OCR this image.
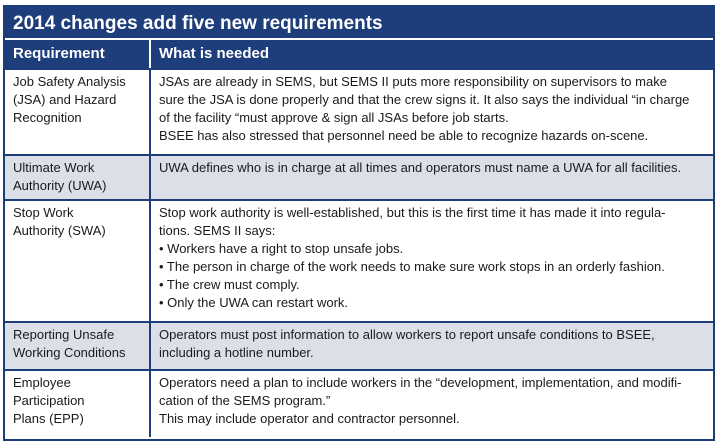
2014 changes add five new requirements
Requirement	What is needed
Job Safety Analysis
(JSA) and Hazard
Recognition
JSAs are already in SEMS, but SEMS II puts more responsibility on supervisors to make
sure the JSA is done properly and that the crew signs it. It also says the individual “in charge
of the facility “must approve & sign all JSAs before job starts.
BSEE has also stressed that personnel need be able to recognize hazards on-scene.
Ultimate Work
Authority (UWA)
UWA defines who is in charge at all times and operators must name a UWA for all facilities.
Stop Work
Authority (SWA)
Stop work authority is well-established, but this is the first time it has made it into regula-
tions. SEMS II says:
• Workers have a right to stop unsafe jobs.
• The person in charge of the work needs to make sure work stops in an orderly fashion.
• The crew must comply.
• Only the UWA can restart work.
Reporting Unsafe
Working Conditions
Operators must post information to allow workers to report unsafe conditions to BSEE,
including a hotline number.
Employee
Participation
Plans (EPP)
Operators need a plan to include workers in the “development, implementation, and modifi-
cation of the SEMS program.”
This may include operator and contractor personnel.
